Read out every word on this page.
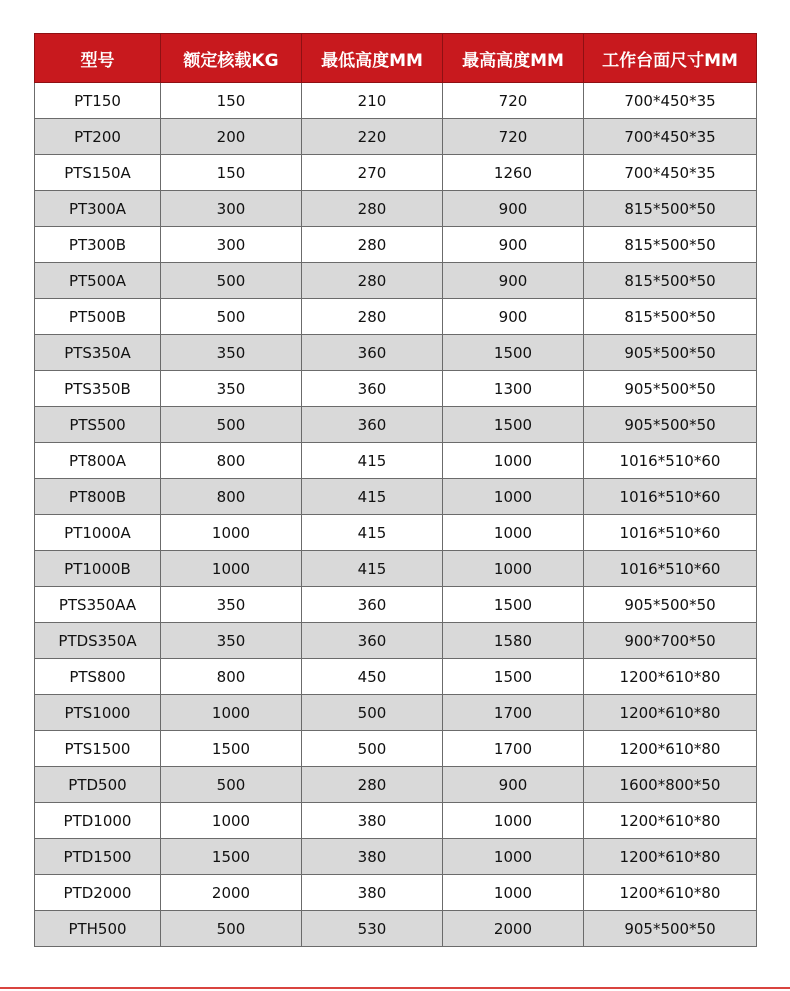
型号	额定核载KG	最低高度MM	最高高度MM	工作台面尺寸MM
PT150	150	210	720	700*450*35
PT200	200	220	720	700*450*35
PTS150A	150	270	1260	700*450*35
PT300A	300	280	900	815*500*50
PT300B	300	280	900	815*500*50
PT500A	500	280	900	815*500*50
PT500B	500	280	900	815*500*50
PTS350A	350	360	1500	905*500*50
PTS350B	350	360	1300	905*500*50
PTS500	500	360	1500	905*500*50
PT800A	800	415	1000	1016*510*60
PT800B	800	415	1000	1016*510*60
PT1000A	1000	415	1000	1016*510*60
PT1000B	1000	415	1000	1016*510*60
PTS350AA	350	360	1500	905*500*50
PTDS350A	350	360	1580	900*700*50
PTS800	800	450	1500	1200*610*80
PTS1000	1000	500	1700	1200*610*80
PTS1500	1500	500	1700	1200*610*80
PTD500	500	280	900	1600*800*50
PTD1000	1000	380	1000	1200*610*80
PTD1500	1500	380	1000	1200*610*80
PTD2000	2000	380	1000	1200*610*80
PTH500	500	530	2000	905*500*50
